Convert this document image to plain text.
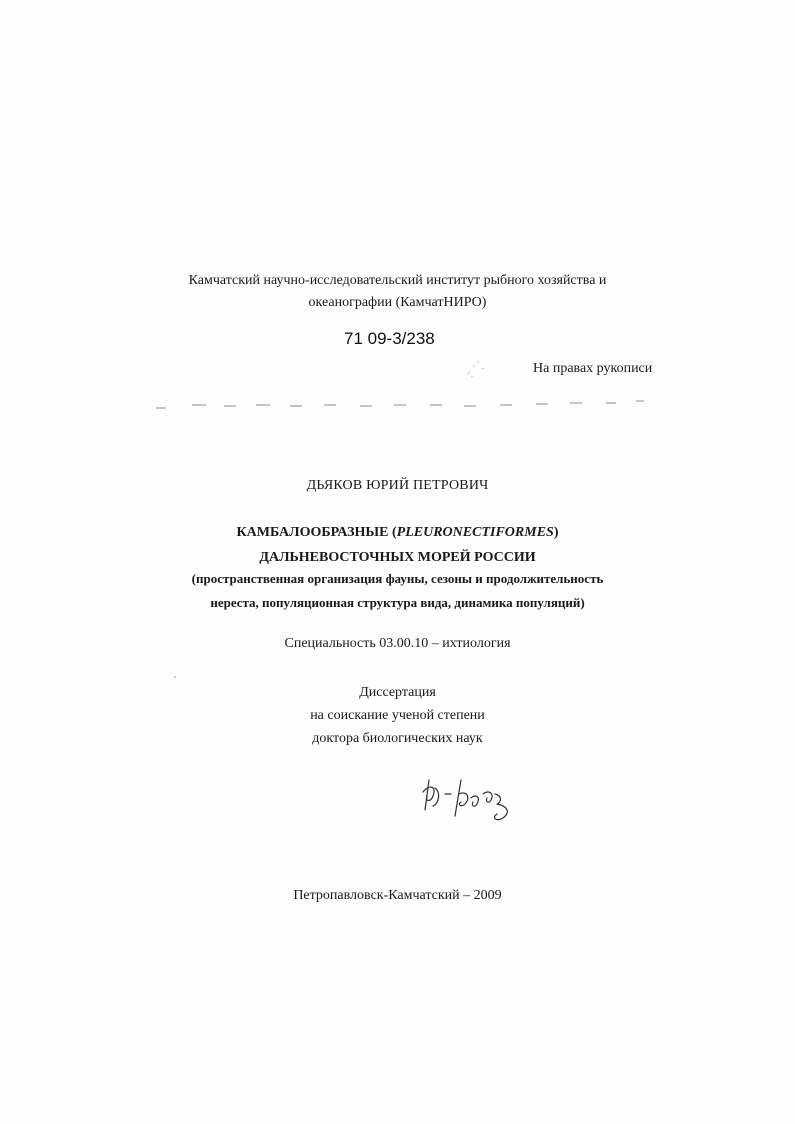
Камчатский научно-исследовательский институт рыбного хозяйства и
океанографии (КамчатНИРО)
71 09-3/238
На правах рукописи
ДЬЯКОВ ЮРИЙ ПЕТРОВИЧ
КАМБАЛООБРАЗНЫЕ (PLEURONECTIFORMES)
ДАЛЬНЕВОСТОЧНЫХ МОРЕЙ РОССИИ
(пространственная организация фауны, сезоны и продолжительность
нереста, популяционная структура вида, динамика популяций)
Специальность 03.00.10 – ихтиология
Диссертация
на соискание ученой степени
доктора биологических наук
Петропавловск-Камчатский – 2009
